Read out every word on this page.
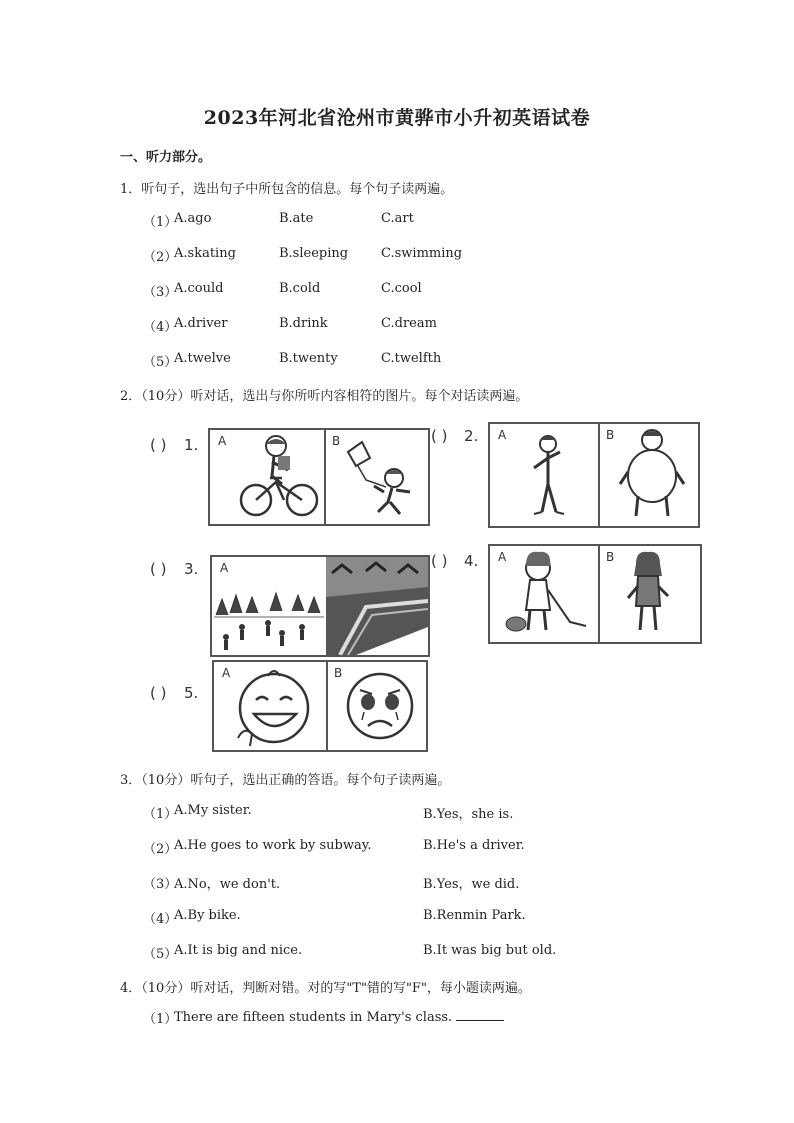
2023年河北省沧州市黄骅市小升初英语试卷
一、听力部分。
1．听句子，选出句子中所包含的信息。每个句子读两遍。
（1）
A.ago	B.ate	C.art
（2）
A.skating	B.sleeping	C.swimming
（3）
A.could	B.cold	C.cool
（4）
A.driver	B.drink	C.dream
（5）
A.twelve	B.twenty	C.twelfth
2．（10分）听对话，选出与你所听内容相符的图片。每个对话读两遍。
( ) 1. A	B	( ) 2. A	B
( ) 3. A	( ) 4. A	B
( ) 5.
A	B
3．（10分）听句子，选出正确的答语。每个句子读两遍。
（1）
A.My sister.	B.Yes，she is.
（2）
A.He goes to work by subway.	B.He's a driver.
（3）
A.No，we don't.	B.Yes，we did.
（4）
A.By bike.	B.Renmin Park.
（5）
A.It is big and nice.	B.It was big but old.
4．（10分）听对话，判断对错。对的写"T"错的写"F"，每小题读两遍。
（1）
There are fifteen students in Mary's class.
